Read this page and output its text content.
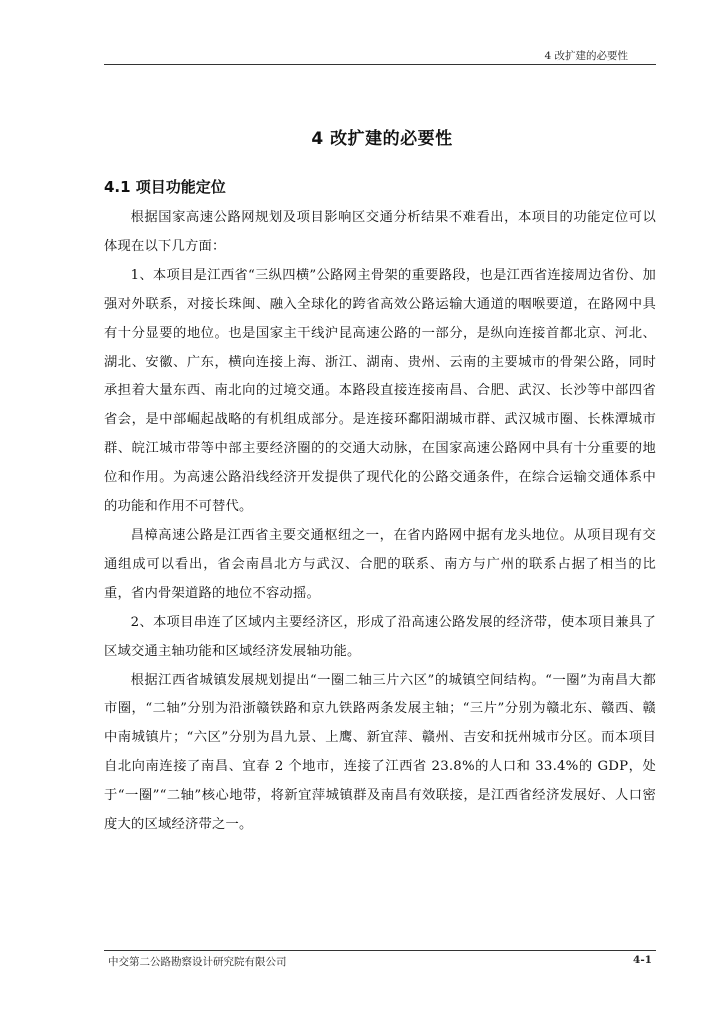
4 改扩建的必要性
4 改扩建的必要性
4.1 项目功能定位

根据国家高速公路网规划及项目影响区交通分析结果不难看出，本项目的功能定位可以体现在以下几方面：

1、本项目是江西省“三纵四横”公路网主骨架的重要路段，也是江西省连接周边省份、加强对外联系，对接长珠闽、融入全球化的跨省高效公路运输大通道的咽喉要道，在路网中具有十分显要的地位。也是国家主干线沪昆高速公路的一部分，是纵向连接首都北京、河北、湖北、安徽、广东，横向连接上海、浙江、湖南、贵州、云南的主要城市的骨架公路，同时承担着大量东西、南北向的过境交通。本路段直接连接南昌、合肥、武汉、长沙等中部四省省会，是中部崛起战略的有机组成部分。是连接环鄱阳湖城市群、武汉城市圈、长株潭城市群、皖江城市带等中部主要经济圈的的交通大动脉，在国家高速公路网中具有十分重要的地位和作用。为高速公路沿线经济开发提供了现代化的公路交通条件，在综合运输交通体系中的功能和作用不可替代。

昌樟高速公路是江西省主要交通枢纽之一，在省内路网中据有龙头地位。从项目现有交通组成可以看出，省会南昌北方与武汉、合肥的联系、南方与广州的联系占据了相当的比重，省内骨架道路的地位不容动摇。

2、本项目串连了区域内主要经济区，形成了沿高速公路发展的经济带，使本项目兼具了区域交通主轴功能和区域经济发展轴功能。

根据江西省城镇发展规划提出“一圈二轴三片六区”的城镇空间结构。“一圈”为南昌大都市圈，“二轴”分别为沿浙赣铁路和京九铁路两条发展主轴；“三片”分别为赣北东、赣西、赣中南城镇片；“六区”分别为昌九景、上鹰、新宜萍、赣州、吉安和抚州城市分区。而本项目自北向南连接了南昌、宜春 2 个地市，连接了江西省 23.8%的人口和 33.4%的 GDP，处于“一圈”“二轴”核心地带，将新宜萍城镇群及南昌有效联接，是江西省经济发展好、人口密度大的区域经济带之一。

中交第二公路勘察设计研究院有限公司	4-1
